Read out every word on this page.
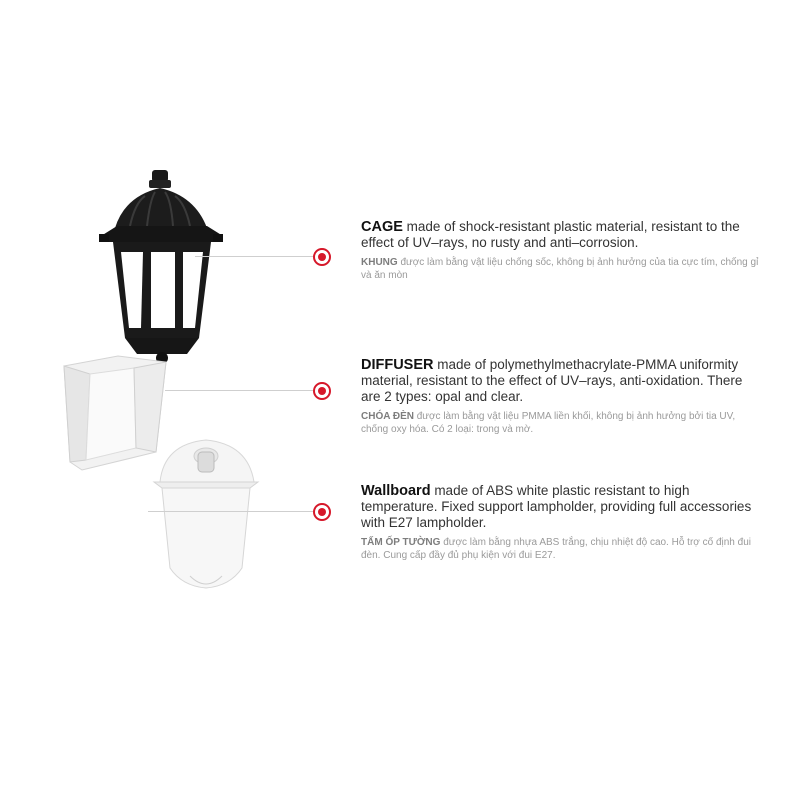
CAGE made of shock-resistant plastic material, resistant to the effect of UV–rays, no rusty and anti–corrosion.

KHUNG được làm bằng vật liệu chống sốc, không bị ảnh hưởng của tia cực tím, chống gỉ và ăn mòn

DIFFUSER made of polymethylmethacrylate-PMMA uniformity material, resistant to the effect of UV–rays, anti-oxidation. There are 2 types: opal and clear.

CHÓA ĐÈN được làm bằng vật liệu PMMA liền khối, không bị ảnh hưởng bởi tia UV, chống oxy hóa. Có 2 loại: trong và mờ.

Wallboard made of ABS white plastic resistant to high temperature. Fixed support lampholder, providing full accessories with E27 lampholder.

TẤM ỐP TƯỜNG được làm bằng nhựa ABS trắng, chịu nhiệt độ cao. Hỗ trợ cố định đui đèn. Cung cấp đầy đủ phụ kiện với đui E27.
